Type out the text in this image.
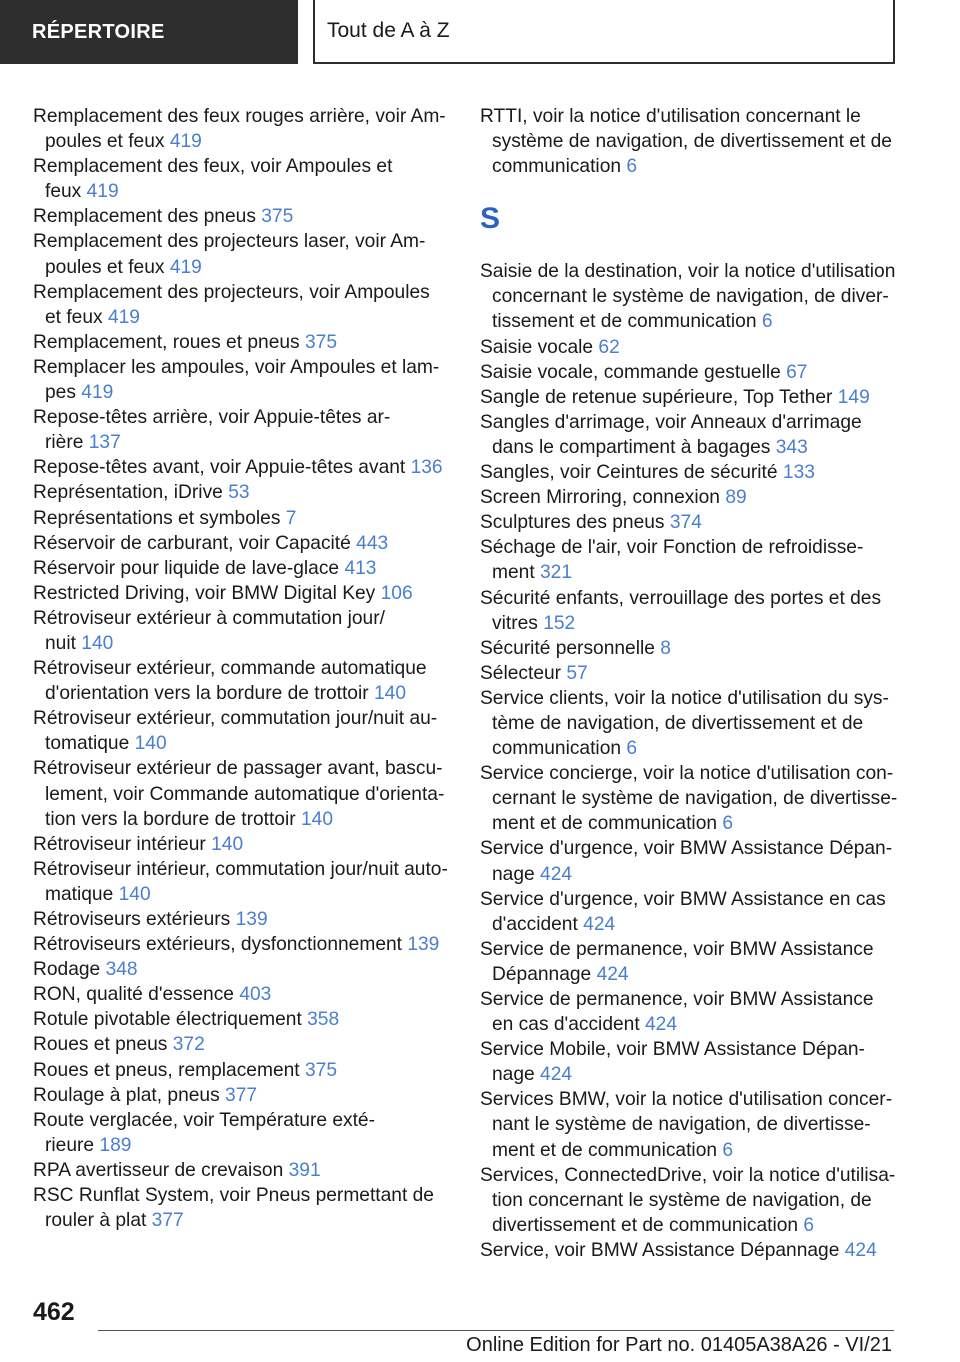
RÉPERTOIRE	Tout de A à Z
Remplacement des feux rouges arrière, voir Am-
poules et feux 419
Remplacement des feux, voir Ampoules et
feux 419
Remplacement des pneus 375
Remplacement des projecteurs laser, voir Am-
poules et feux 419
Remplacement des projecteurs, voir Ampoules
et feux 419
Remplacement, roues et pneus 375
Remplacer les ampoules, voir Ampoules et lam-
pes 419
Repose-têtes arrière, voir Appuie-têtes ar-
rière 137
Repose-têtes avant, voir Appuie-têtes avant 136
Représentation, iDrive 53
Représentations et symboles 7
Réservoir de carburant, voir Capacité 443
Réservoir pour liquide de lave-glace 413
Restricted Driving, voir BMW Digital Key 106
Rétroviseur extérieur à commutation jour/
nuit 140
Rétroviseur extérieur, commande automatique
d'orientation vers la bordure de trottoir 140
Rétroviseur extérieur, commutation jour/nuit au-
tomatique 140
Rétroviseur extérieur de passager avant, bascu-
lement, voir Commande automatique d'orienta-
tion vers la bordure de trottoir 140
Rétroviseur intérieur 140
Rétroviseur intérieur, commutation jour/nuit auto-
matique 140
Rétroviseurs extérieurs 139
Rétroviseurs extérieurs, dysfonctionnement 139
Rodage 348
RON, qualité d'essence 403
Rotule pivotable électriquement 358
Roues et pneus 372
Roues et pneus, remplacement 375
Roulage à plat, pneus 377
Route verglacée, voir Température exté-
rieure 189
RPA avertisseur de crevaison 391
RSC Runflat System, voir Pneus permettant de
rouler à plat 377
RTTI, voir la notice d'utilisation concernant le
système de navigation, de divertissement et de
communication 6
S
Saisie de la destination, voir la notice d'utilisation
concernant le système de navigation, de diver-
tissement et de communication 6
Saisie vocale 62
Saisie vocale, commande gestuelle 67
Sangle de retenue supérieure, Top Tether 149
Sangles d'arrimage, voir Anneaux d'arrimage
dans le compartiment à bagages 343
Sangles, voir Ceintures de sécurité 133
Screen Mirroring, connexion 89
Sculptures des pneus 374
Séchage de l'air, voir Fonction de refroidisse-
ment 321
Sécurité enfants, verrouillage des portes et des
vitres 152
Sécurité personnelle 8
Sélecteur 57
Service clients, voir la notice d'utilisation du sys-
tème de navigation, de divertissement et de
communication 6
Service concierge, voir la notice d'utilisation con-
cernant le système de navigation, de divertisse-
ment et de communication 6
Service d'urgence, voir BMW Assistance Dépan-
nage 424
Service d'urgence, voir BMW Assistance en cas
d'accident 424
Service de permanence, voir BMW Assistance
Dépannage 424
Service de permanence, voir BMW Assistance
en cas d'accident 424
Service Mobile, voir BMW Assistance Dépan-
nage 424
Services BMW, voir la notice d'utilisation concer-
nant le système de navigation, de divertisse-
ment et de communication 6
Services, ConnectedDrive, voir la notice d'utilisa-
tion concernant le système de navigation, de
divertissement et de communication 6
Service, voir BMW Assistance Dépannage 424
462
Online Edition for Part no. 01405A38A26 - VI/21
